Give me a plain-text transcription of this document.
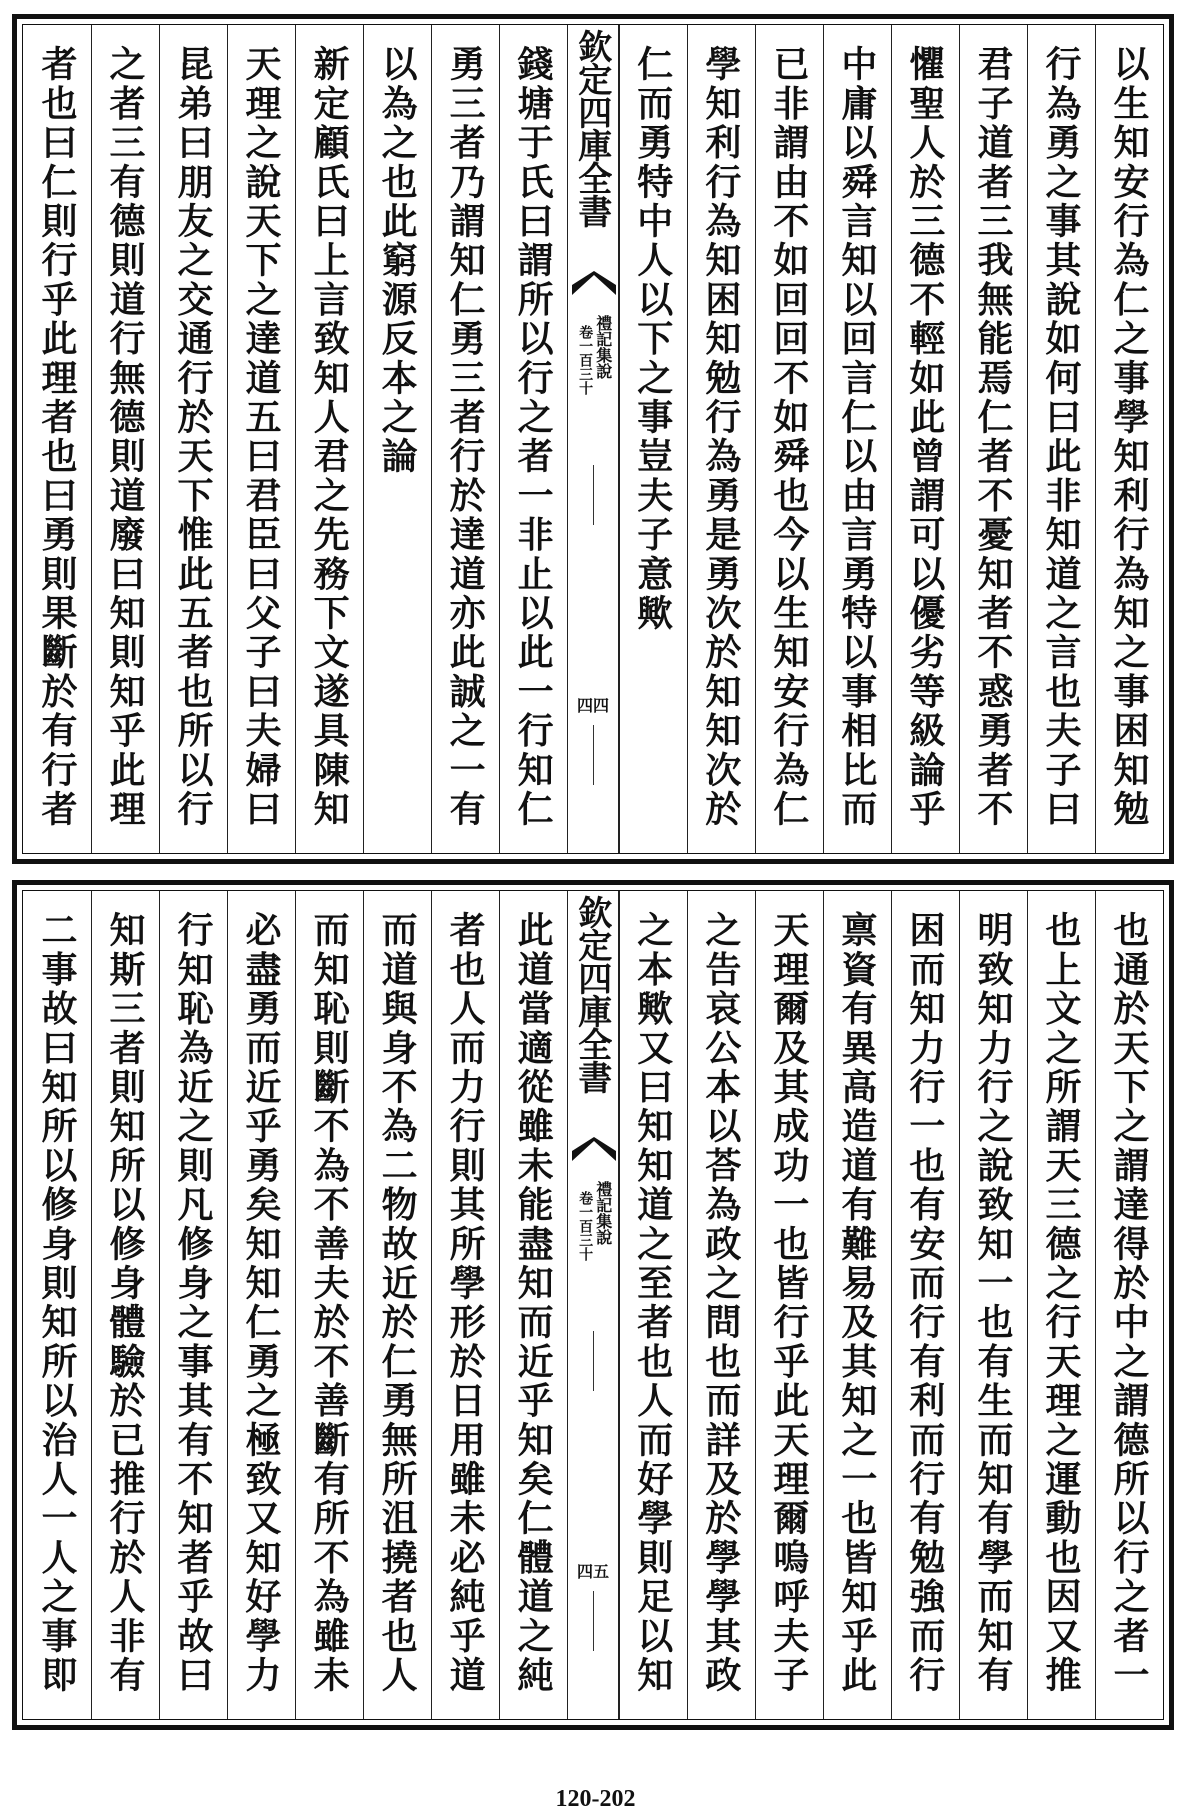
以生知安行為仁之事學知利行為知之事困知勉
行為勇之事其說如何曰此非知道之言也夫子曰
君子道者三我無能焉仁者不憂知者不惑勇者不
懼聖人於三德不輕如此曾謂可以優劣等級論乎
中庸以舜言知以回言仁以由言勇特以事相比而
已非謂由不如回回不如舜也今以生知安行為仁
學知利行為知困知勉行為勇是勇次於知知次於
仁而勇特中人以下之事豈夫子意歟
欽定四庫全書
禮記集說
卷一百三十
四四
錢塘于氏曰謂所以行之者一非止以此一行知仁
勇三者乃謂知仁勇三者行於達道亦此誠之一有
以為之也此窮源反本之論
新定顧氏曰上言致知人君之先務下文遂具陳知
天理之說天下之達道五曰君臣曰父子曰夫婦曰
昆弟曰朋友之交通行於天下惟此五者也所以行
之者三有德則道行無德則道廢曰知則知乎此理
者也曰仁則行乎此理者也曰勇則果斷於有行者
也通於天下之謂達得於中之謂德所以行之者一
也上文之所謂天三德之行天理之運動也因又推
明致知力行之說致知一也有生而知有學而知有
困而知力行一也有安而行有利而行有勉強而行
禀資有異高造道有難易及其知之一也皆知乎此
天理爾及其成功一也皆行乎此天理爾嗚呼夫子
之告哀公本以荅為政之問也而詳及於學學其政
之本歟又曰知知道之至者也人而好學則足以知
欽定四庫全書
禮記集說
卷一百三十
四五
此道當適從雖未能盡知而近乎知矣仁體道之純
者也人而力行則其所學形於日用雖未必純乎道
而道與身不為二物故近於仁勇無所沮撓者也人
而知恥則斷不為不善夫於不善斷有所不為雖未
必盡勇而近乎勇矣知知仁勇之極致又知好學力
行知恥為近之則凡修身之事其有不知者乎故曰
知斯三者則知所以修身體驗於已推行於人非有
二事故曰知所以修身則知所以治人一人之事即
120-202
